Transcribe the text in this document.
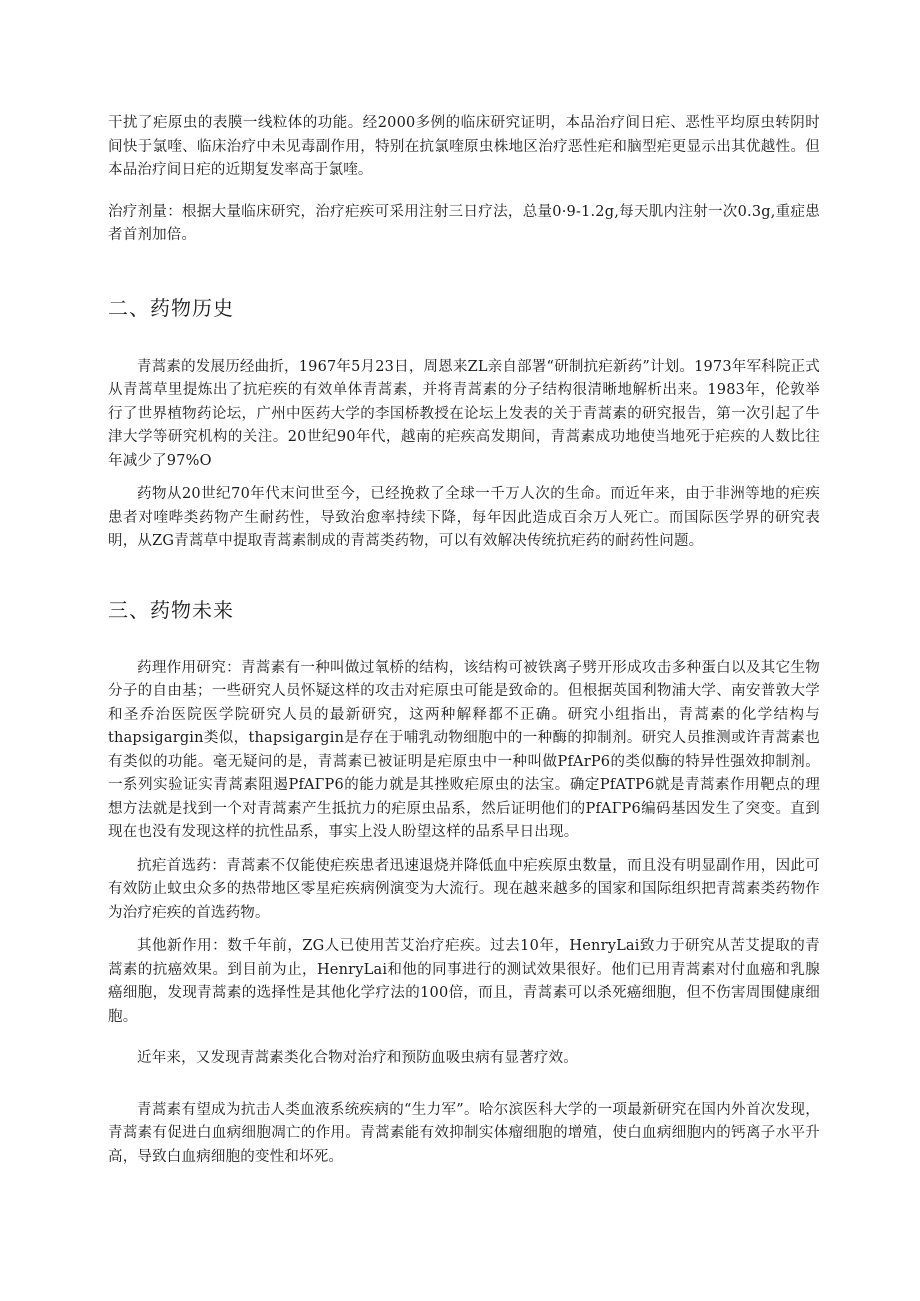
干扰了疟原虫的表膜一线粒体的功能。经2000多例的临床研究证明，本品治疗间日疟、恶性平均原虫转阴时间快于氯喹、临床治疗中未见毒副作用，特别在抗氯喹原虫株地区治疗恶性疟和脑型疟更显示出其优越性。但本品治疗间日疟的近期复发率高于氯喹。

治疗剂量：根据大量临床研究，治疗疟疾可采用注射三日疗法，总量0·9-1.2g,每天肌内注射一次0.3g,重症患者首剂加倍。

二、药物历史

青蒿素的发展历经曲折，1967年5月23日，周恩来ZL亲自部署“研制抗疟新药”计划。1973年军科院正式从青蒿草里提炼出了抗疟疾的有效单体青蒿素，并将青蒿素的分子结构很清晰地解析出来。1983年，伦敦举行了世界植物药论坛，广州中医药大学的李国桥教授在论坛上发表的关于青蒿素的研究报告，第一次引起了牛津大学等研究机构的关注。20世纪90年代，越南的疟疾高发期间，青蒿素成功地使当地死于疟疾的人数比往年减少了97%O

药物从20世纪70年代末问世至今，已经挽救了全球一千万人次的生命。而近年来，由于非洲等地的疟疾患者对喹哔类药物产生耐药性，导致治愈率持续下降，每年因此造成百余万人死亡。而国际医学界的研究表明，从ZG青蒿草中提取青蒿素制成的青蒿类药物，可以有效解决传统抗疟药的耐药性问题。

三、药物未来

药理作用研究：青蒿素有一种叫做过氧桥的结构，该结构可被铁离子劈开形成攻击多种蛋白以及其它生物分子的自由基；一些研究人员怀疑这样的攻击对疟原虫可能是致命的。但根据英国利物浦大学、南安普敦大学和圣乔治医院医学院研究人员的最新研究，这两种解释都不正确。研究小组指出，青蒿素的化学结构与thapsigargin类似，thapsigargin是存在于哺乳动物细胞中的一种酶的抑制剂。研究人员推测或许青蒿素也有类似的功能。毫无疑问的是，青蒿素已被证明是疟原虫中一种叫做PfArP6的类似酶的特异性强效抑制剂。一系列实验证实青蒿素阻遏PfAГP6的能力就是其挫败疟原虫的法宝。确定PfATP6就是青蒿素作用靶点的理想方法就是找到一个对青蒿素产生抵抗力的疟原虫品系，然后证明他们的PfAГP6编码基因发生了突变。直到现在也没有发现这样的抗性品系，事实上没人盼望这样的品系早日出现。

抗疟首选药：青蒿素不仅能使疟疾患者迅速退烧并降低血中疟疾原虫数量，而且没有明显副作用，因此可有效防止蚊虫众多的热带地区零星疟疾病例演变为大流行。现在越来越多的国家和国际组织把青蒿素类药物作为治疗疟疾的首选药物。

其他新作用：数千年前，ZG人已使用苦艾治疗疟疾。过去10年，HenryLai致力于研究从苦艾提取的青蒿素的抗癌效果。到目前为止，HenryLai和他的同事进行的测试效果很好。他们已用青蒿素对付血癌和乳腺癌细胞，发现青蒿素的选择性是其他化学疗法的100倍，而且，青蒿素可以杀死癌细胞，但不伤害周围健康细胞。

近年来，又发现青蒿素类化合物对治疗和预防血吸虫病有显著疗效。

青蒿素有望成为抗击人类血液系统疾病的“生力军”。哈尔滨医科大学的一项最新研究在国内外首次发现，青蒿素有促进白血病细胞凋亡的作用。青蒿素能有效抑制实体瘤细胞的增殖，使白血病细胞内的钙离子水平升高，导致白血病细胞的变性和坏死。
